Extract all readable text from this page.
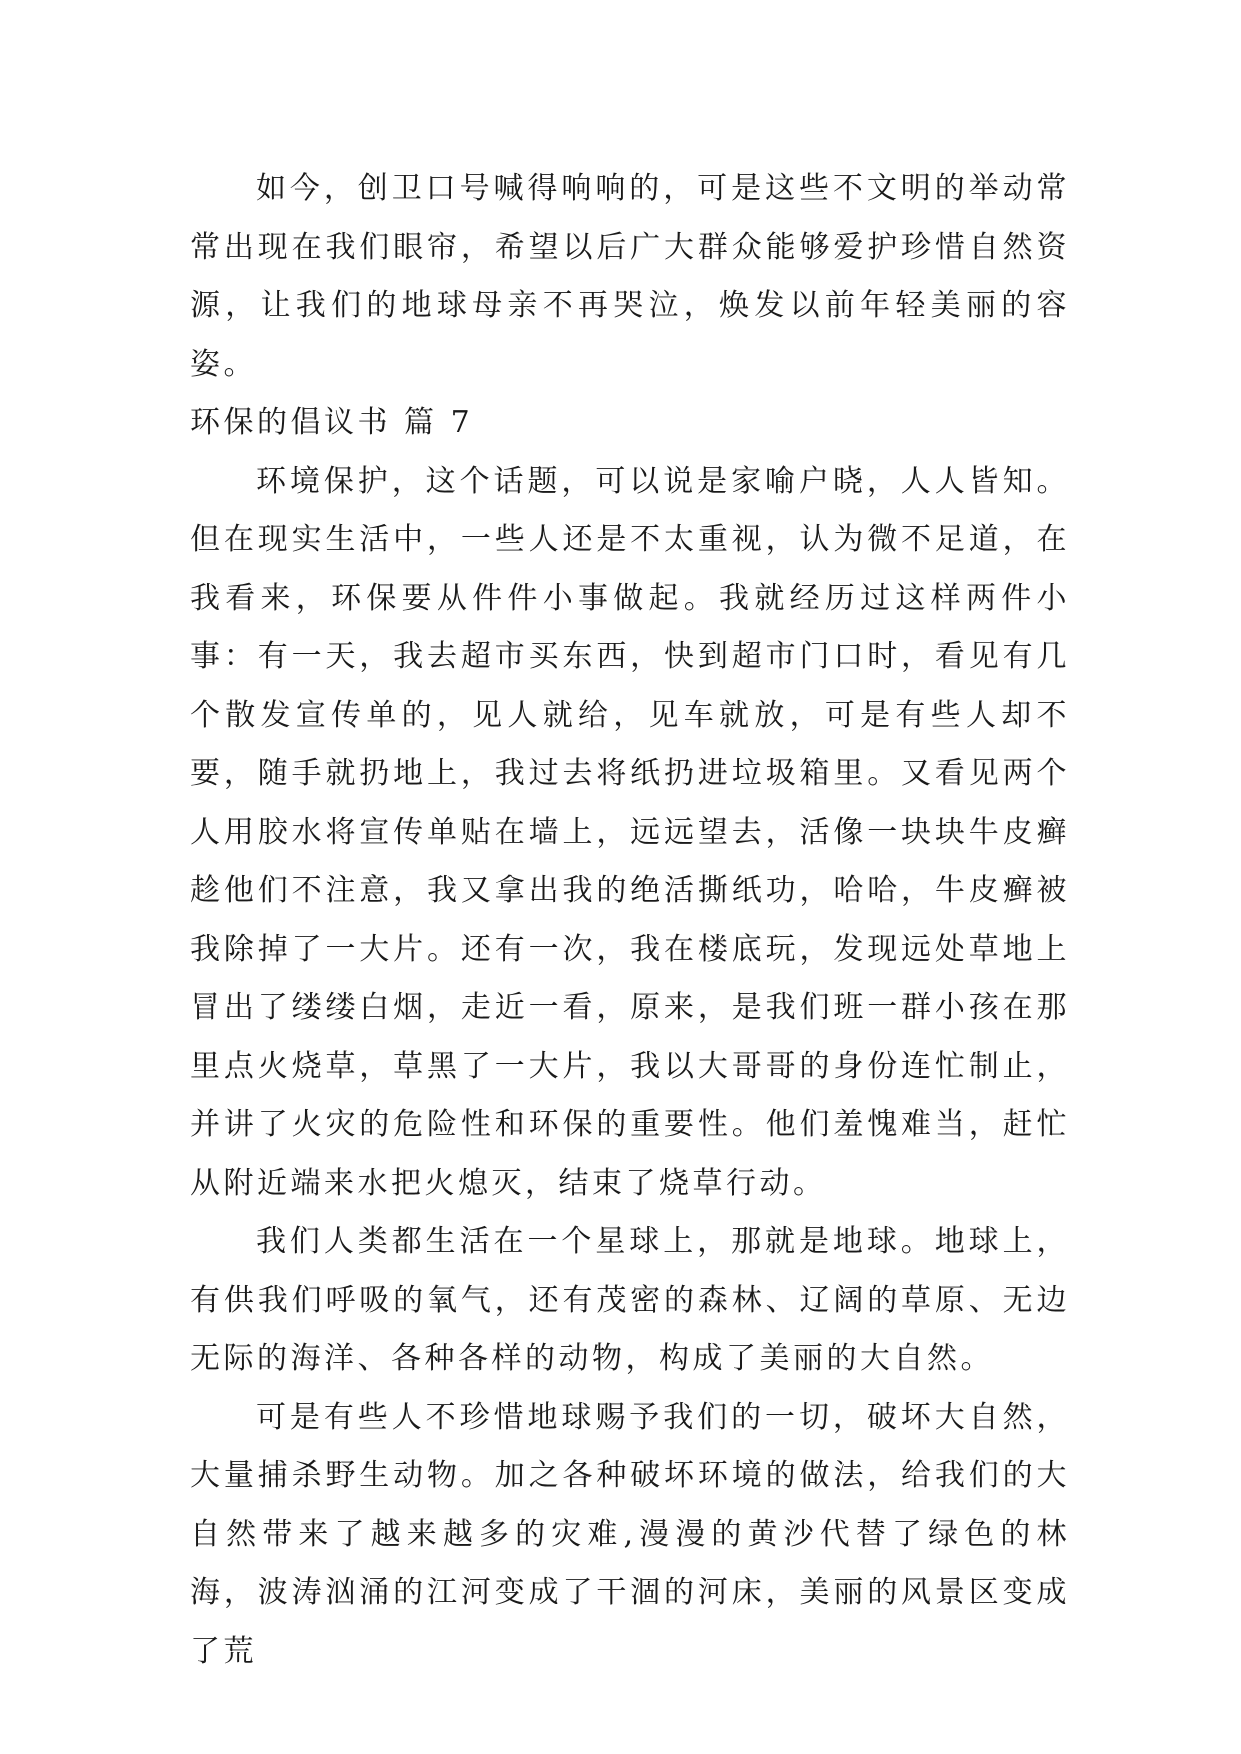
如今，创卫口号喊得响响的，可是这些不文明的举动常常出现在我们眼帘，希望以后广大群众能够爱护珍惜自然资源，让我们的地球母亲不再哭泣，焕发以前年轻美丽的容姿。

环保的倡议书 篇 7

环境保护，这个话题，可以说是家喻户晓，人人皆知。但在现实生活中，一些人还是不太重视，认为微不足道，在我看来，环保要从件件小事做起。我就经历过这样两件小事：有一天，我去超市买东西，快到超市门口时，看见有几个散发宣传单的，见人就给，见车就放，可是有些人却不要，随手就扔地上，我过去将纸扔进垃圾箱里。又看见两个人用胶水将宣传单贴在墙上，远远望去，活像一块块牛皮癣趁他们不注意，我又拿出我的绝活撕纸功，哈哈，牛皮癣被我除掉了一大片。还有一次，我在楼底玩，发现远处草地上冒出了缕缕白烟，走近一看，原来，是我们班一群小孩在那里点火烧草，草黑了一大片，我以大哥哥的身份连忙制止，并讲了火灾的危险性和环保的重要性。他们羞愧难当，赶忙从附近端来水把火熄灭，结束了烧草行动。

我们人类都生活在一个星球上，那就是地球。地球上，有供我们呼吸的氧气，还有茂密的森林、辽阔的草原、无边无际的海洋、各种各样的动物，构成了美丽的大自然。

可是有些人不珍惜地球赐予我们的一切，破坏大自然，大量捕杀野生动物。加之各种破坏环境的做法，给我们的大自然带来了越来越多的灾难,漫漫的黄沙代替了绿色的林海，波涛汹涌的江河变成了干涸的河床，美丽的风景区变成了荒
